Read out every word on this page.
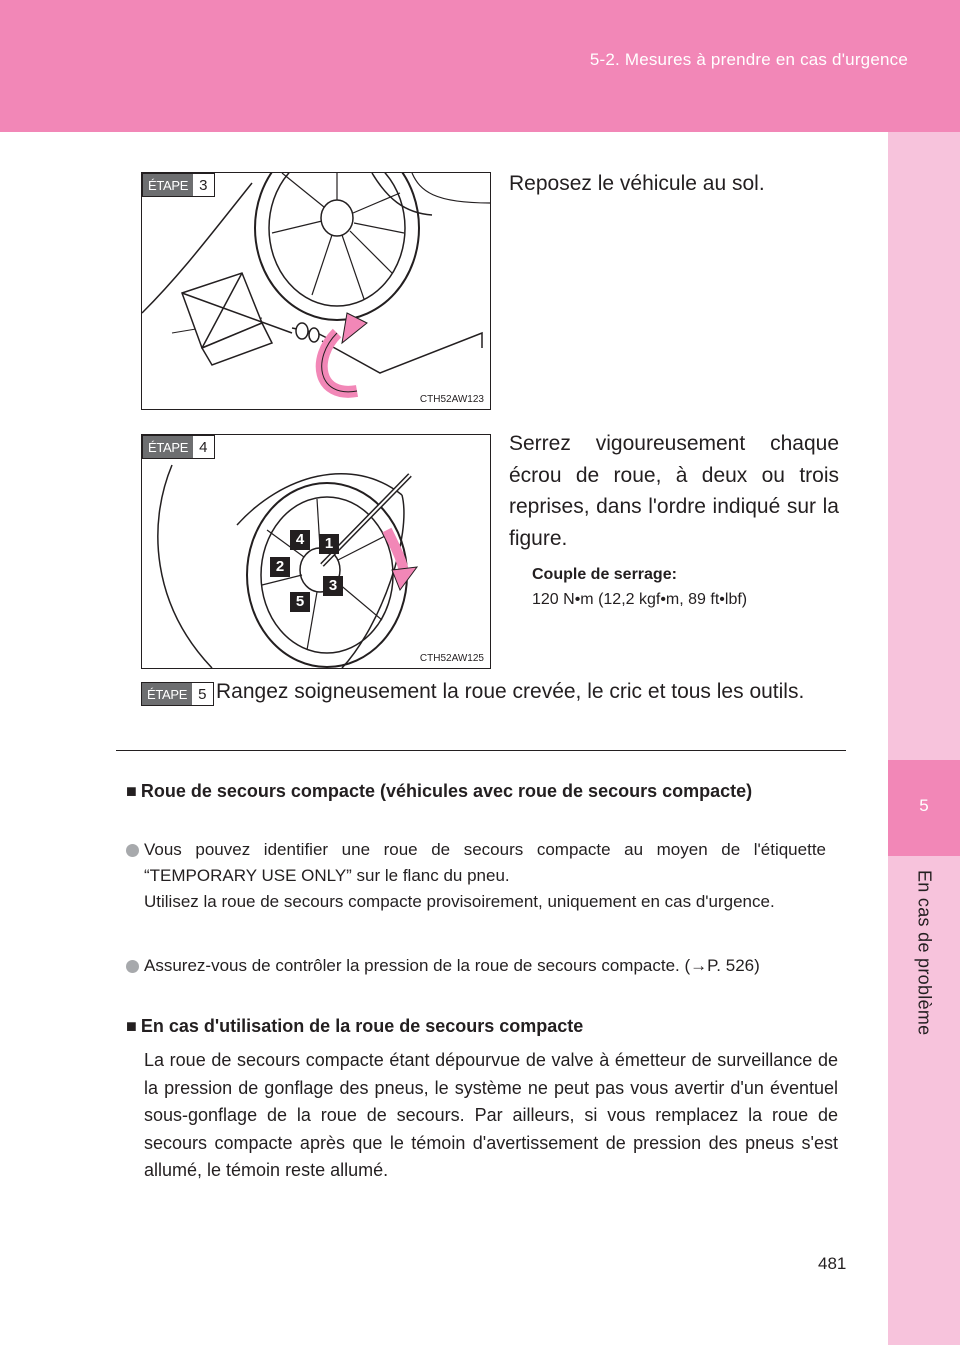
5-2. Mesures à prendre en cas d'urgence
5
En cas de problème
ÉTAPE 3
CTH52AW123
Reposez le véhicule au sol.
4	1
2
3
5
ÉTAPE 4
CTH52AW125
Serrez vigoureusement chaque écrou de roue, à deux ou trois reprises, dans l'ordre indiqué sur la figure.
Couple de serrage:
120 N•m (12,2 kgf•m, 89 ft•lbf)
ÉTAPE 5 Rangez soigneusement la roue crevée, le cric et tous les outils.
■ Roue de secours compacte (véhicules avec roue de secours compacte)
Vous pouvez identifier une roue de secours compacte au moyen de l'étiquette “TEMPORARY USE ONLY” sur le flanc du pneu.
Utilisez la roue de secours compacte provisoirement, uniquement en cas d'urgence.
Assurez-vous de contrôler la pression de la roue de secours compacte. (→P. 526)
■ En cas d'utilisation de la roue de secours compacte
La roue de secours compacte étant dépourvue de valve à émetteur de surveillance de la pression de gonflage des pneus, le système ne peut pas vous avertir d'un éventuel sous-gonflage de la roue de secours. Par ailleurs, si vous remplacez la roue de secours compacte après que le témoin d'avertissement de pression des pneus s'est allumé, le témoin reste allumé.
481
